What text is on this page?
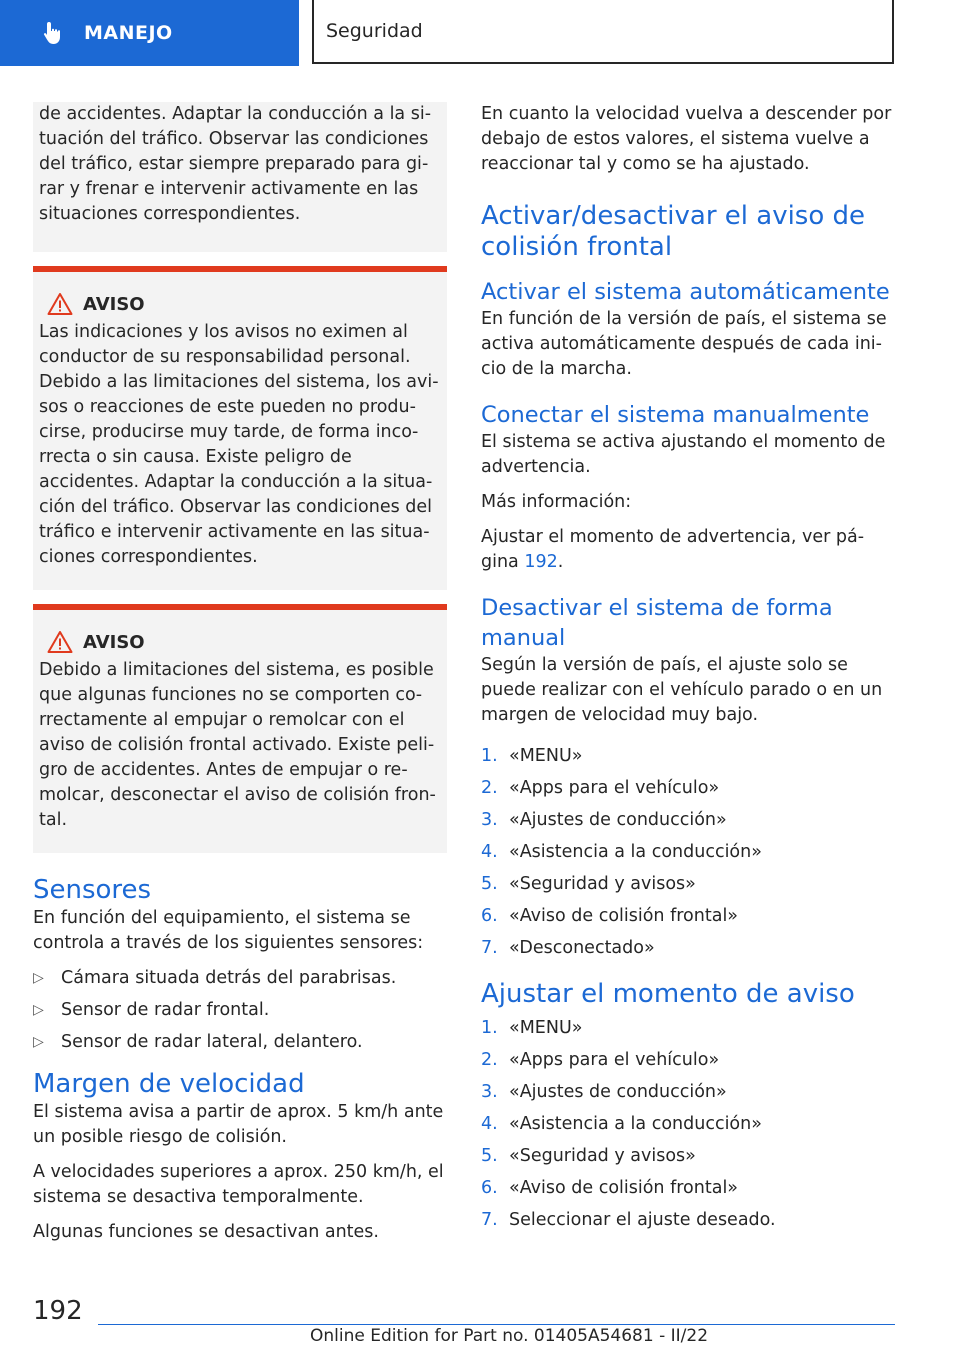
MANEJO	Seguridad

de accidentes. Adaptar la conducción a la situación del tráfico. Observar las condiciones del tráfico, estar siempre preparado para girar y frenar e intervenir activamente en las situaciones correspondientes.

AVISO

Las indicaciones y los avisos no eximen al conductor de su responsabilidad personal. Debido a las limitaciones del sistema, los avisos o reacciones de este pueden no producirse, producirse muy tarde, de forma incorrecta o sin causa. Existe peligro de accidentes. Adaptar la conducción a la situación del tráfico. Observar las condiciones del tráfico e intervenir activamente en las situaciones correspondientes.

AVISO

Debido a limitaciones del sistema, es posible que algunas funciones no se comporten correctamente al empujar o remolcar con el aviso de colisión frontal activado. Existe peligro de accidentes. Antes de empujar o remolcar, desconectar el aviso de colisión frontal.

Sensores

En función del equipamiento, el sistema se controla a través de los siguientes sensores:

▷ Cámara situada detrás del parabrisas.
▷ Sensor de radar frontal.
▷ Sensor de radar lateral, delantero.
Margen de velocidad

El sistema avisa a partir de aprox. 5 km/h ante un posible riesgo de colisión.

A velocidades superiores a aprox. 250 km/h, el sistema se desactiva temporalmente.

Algunas funciones se desactivan antes.

En cuanto la velocidad vuelva a descender por debajo de estos valores, el sistema vuelve a reaccionar tal y como se ha ajustado.

Activar/desactivar el aviso de colisión frontal
Activar el sistema automáticamente

En función de la versión de país, el sistema se activa automáticamente después de cada inicio de la marcha.

Conectar el sistema manualmente

El sistema se activa ajustando el momento de advertencia.

Más información:

Ajustar el momento de advertencia, ver página 192.

Desactivar el sistema de forma manual

Según la versión de país, el ajuste solo se puede realizar con el vehículo parado o en un margen de velocidad muy bajo.

1. «MENU»
2. «Apps para el vehículo»
3. «Ajustes de conducción»
4. «Asistencia a la conducción»
5. «Seguridad y avisos»
6. «Aviso de colisión frontal»
7. «Desconectado»
Ajustar el momento de aviso
1. «MENU»
2. «Apps para el vehículo»
3. «Ajustes de conducción»
4. «Asistencia a la conducción»
5. «Seguridad y avisos»
6. «Aviso de colisión frontal»
7. Seleccionar el ajuste deseado.
192
Online Edition for Part no. 01405A54681 - II/22
